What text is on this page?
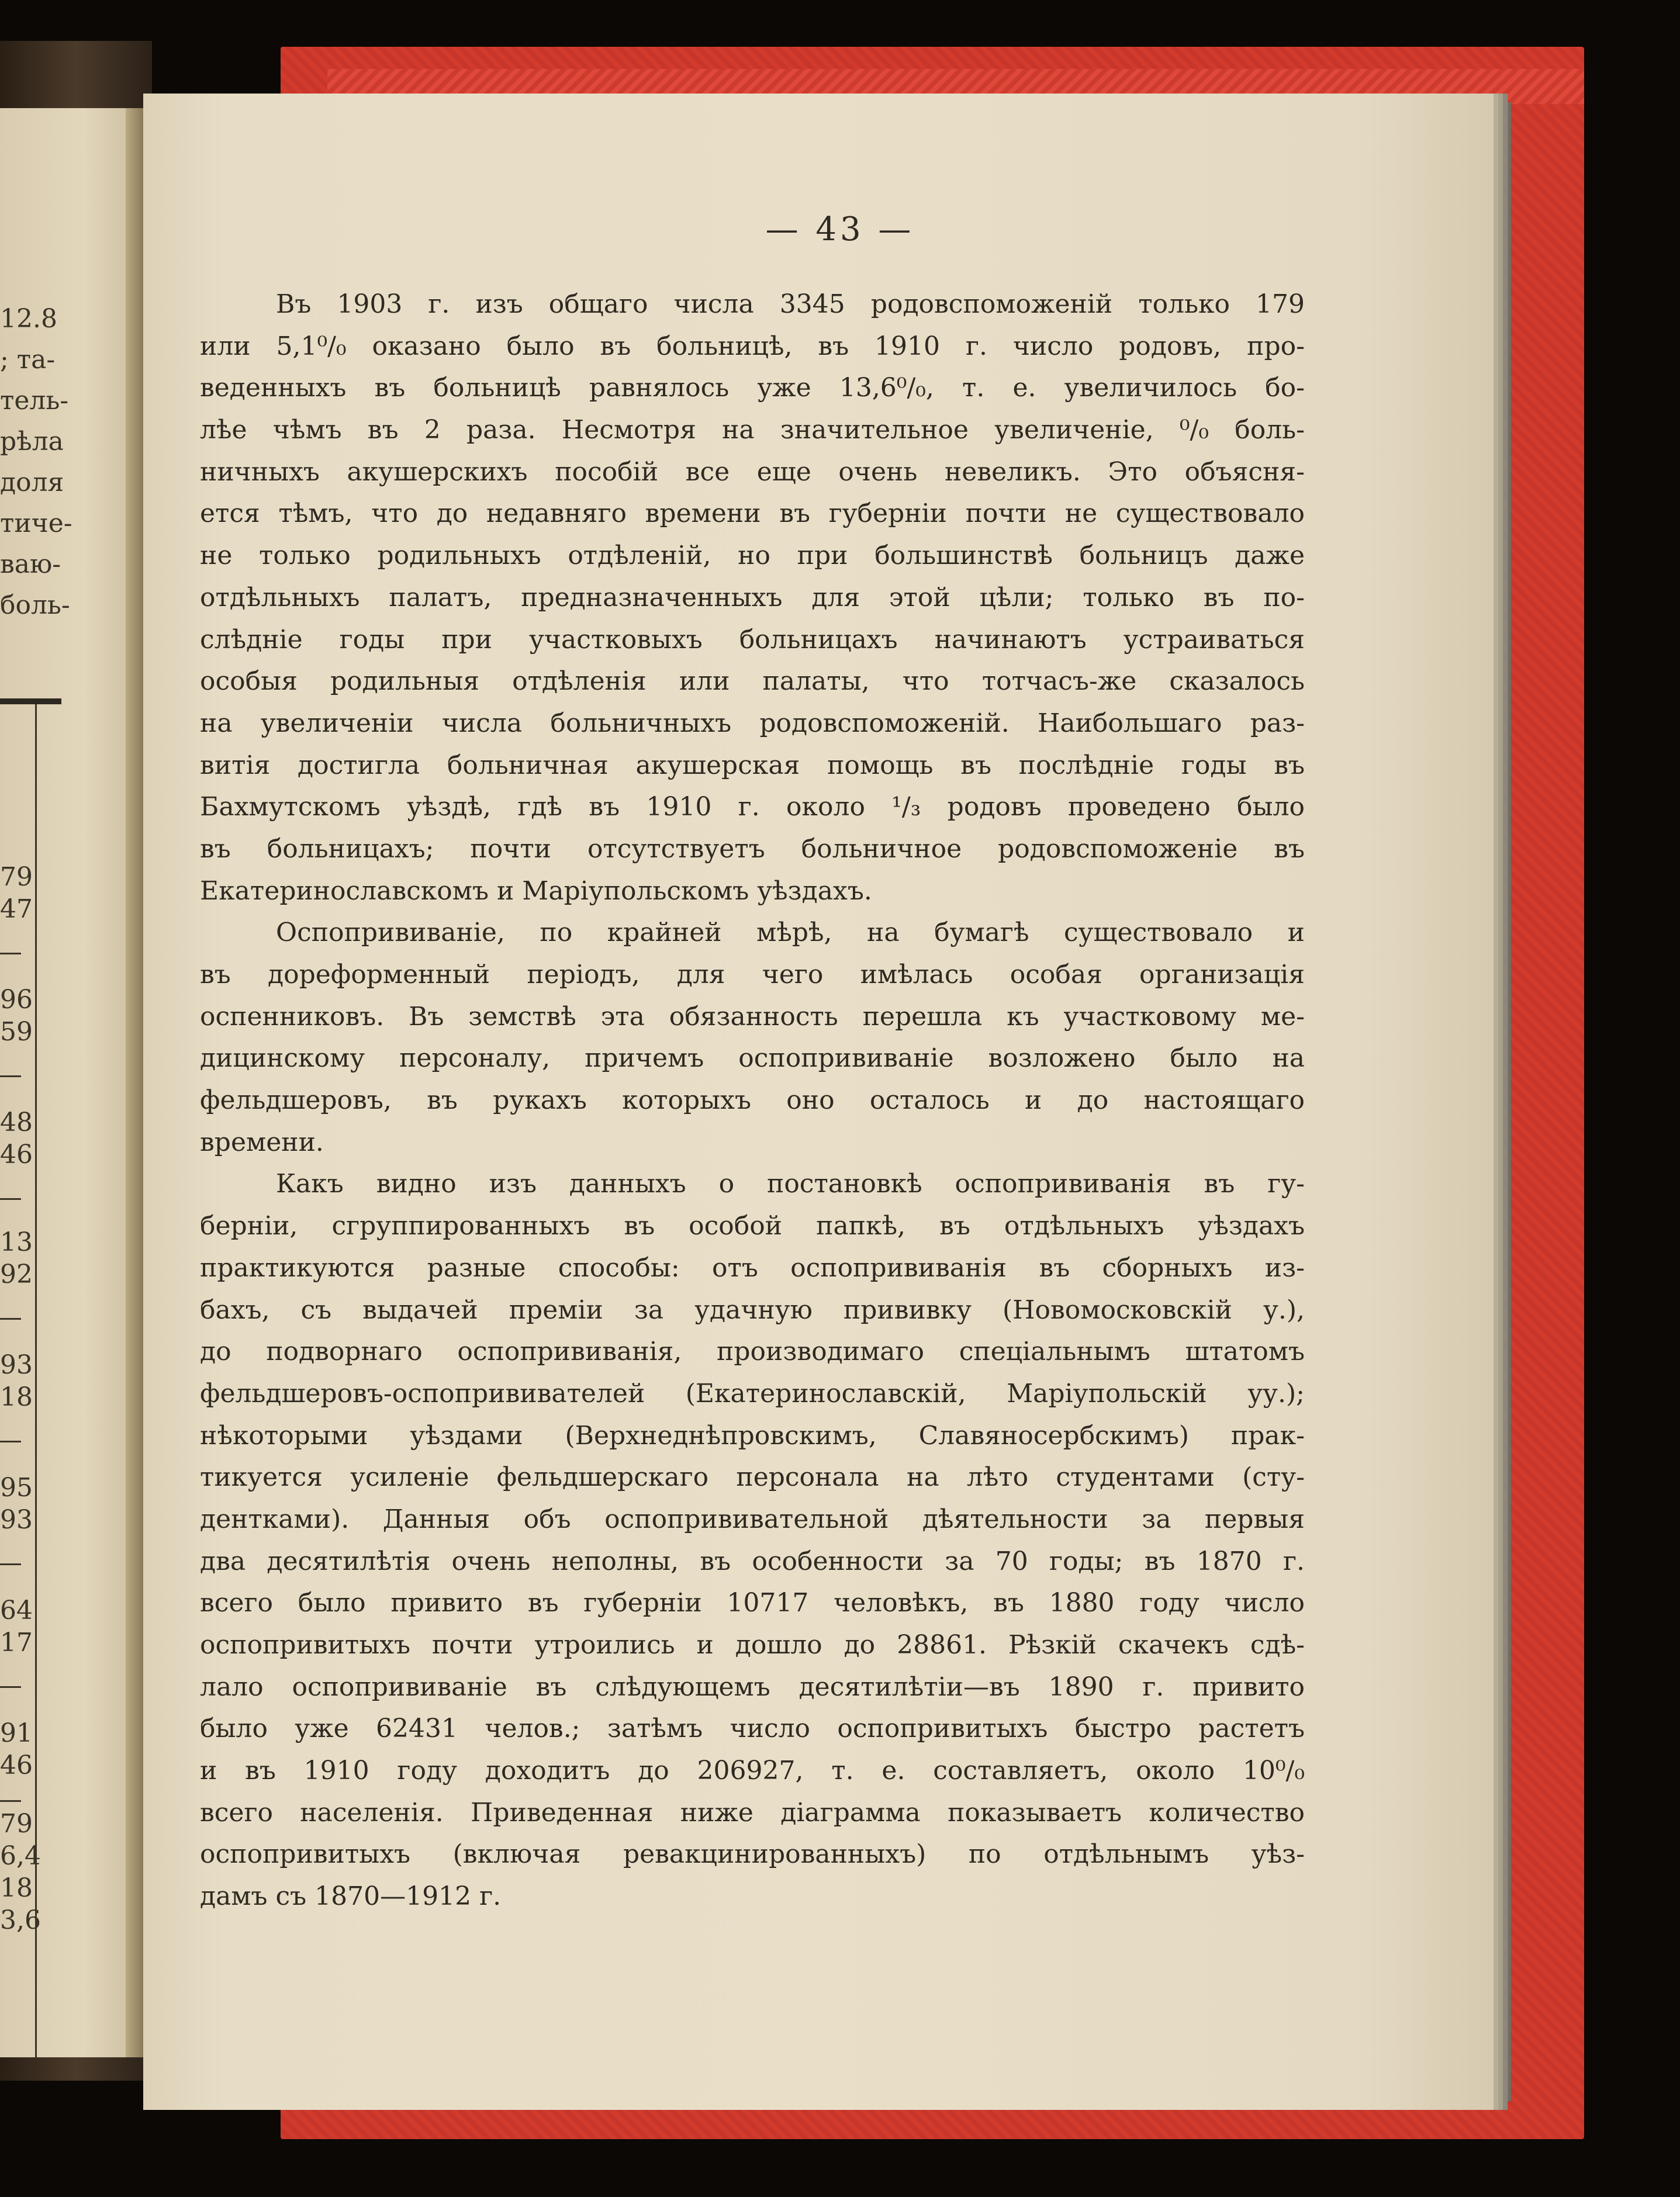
12.8
; та-
тель-
рѣла
доля
тиче-
ваю-
боль-
79
47
96
59
48
46
13
92
93
18
95
93
64
17
91
46
79
6,4
18
3,6
— 43 —
Въ 1903 г. изъ общаго числа 3345 родовспоможеній только 179
или 5,1⁰/₀ оказано было въ больницѣ, въ 1910 г. число родовъ, про-
веденныхъ въ больницѣ равнялось уже 13,6⁰/₀, т. е. увеличилось бо-
лѣе чѣмъ въ 2 раза. Несмотря на значительное увеличеніе, ⁰/₀ боль-
ничныхъ акушерскихъ пособій все еще очень невеликъ. Это объясня-
ется тѣмъ, что до недавняго времени въ губерніи почти не существовало
не только родильныхъ отдѣленій, но при большинствѣ больницъ даже
отдѣльныхъ палатъ, предназначенныхъ для этой цѣли; только въ по-
слѣдніе годы при участковыхъ больницахъ начинаютъ устраиваться
особыя родильныя отдѣленія или палаты, что тотчасъ-же сказалось
на увеличеніи числа больничныхъ родовспоможеній. Наибольшаго раз-
витія достигла больничная акушерская помощь въ послѣдніе годы въ
Бахмутскомъ уѣздѣ, гдѣ въ 1910 г. около ¹/₃ родовъ проведено было
въ больницахъ; почти отсутствуетъ больничное родовспоможеніе въ
Екатеринославскомъ и Маріупольскомъ уѣздахъ.
Оспопрививаніе, по крайней мѣрѣ, на бумагѣ существовало и
въ дореформенный періодъ, для чего имѣлась особая организація
оспенниковъ. Въ земствѣ эта обязанность перешла къ участковому ме-
дицинскому персоналу, причемъ оспопрививаніе возложено было на
фельдшеровъ, въ рукахъ которыхъ оно осталось и до настоящаго
времени.
Какъ видно изъ данныхъ о постановкѣ оспопрививанія въ гу-
берніи, сгруппированныхъ въ особой папкѣ, въ отдѣльныхъ уѣздахъ
практикуются разные способы: отъ оспопрививанія въ сборныхъ из-
бахъ, съ выдачей преміи за удачную прививку (Новомосковскій у.),
до подворнаго оспопрививанія, производимаго спеціальнымъ штатомъ
фельдшеровъ-оспопрививателей (Екатеринославскій, Маріупольскій уу.);
нѣкоторыми уѣздами (Верхнеднѣпровскимъ, Славяносербскимъ) прак-
тикуется усиленіе фельдшерскаго персонала на лѣто студентами (сту-
дентками). Данныя объ оспопрививательной дѣятельности за первыя
два десятилѣтія очень неполны, въ особенности за 70 годы; въ 1870 г.
всего было привито въ губерніи 10717 человѣкъ, въ 1880 году число
оспопривитыхъ почти утроились и дошло до 28861. Рѣзкій скачекъ сдѣ-
лало оспопрививаніе въ слѣдующемъ десятилѣтіи—въ 1890 г. привито
было уже 62431 челов.; затѣмъ число оспопривитыхъ быстро растетъ
и въ 1910 году доходитъ до 206927, т. е. составляетъ, около 10⁰/₀
всего населенія. Приведенная ниже діаграмма показываетъ количество
оспопривитыхъ (включая ревакцинированныхъ) по отдѣльнымъ уѣз-
дамъ съ 1870—1912 г.
